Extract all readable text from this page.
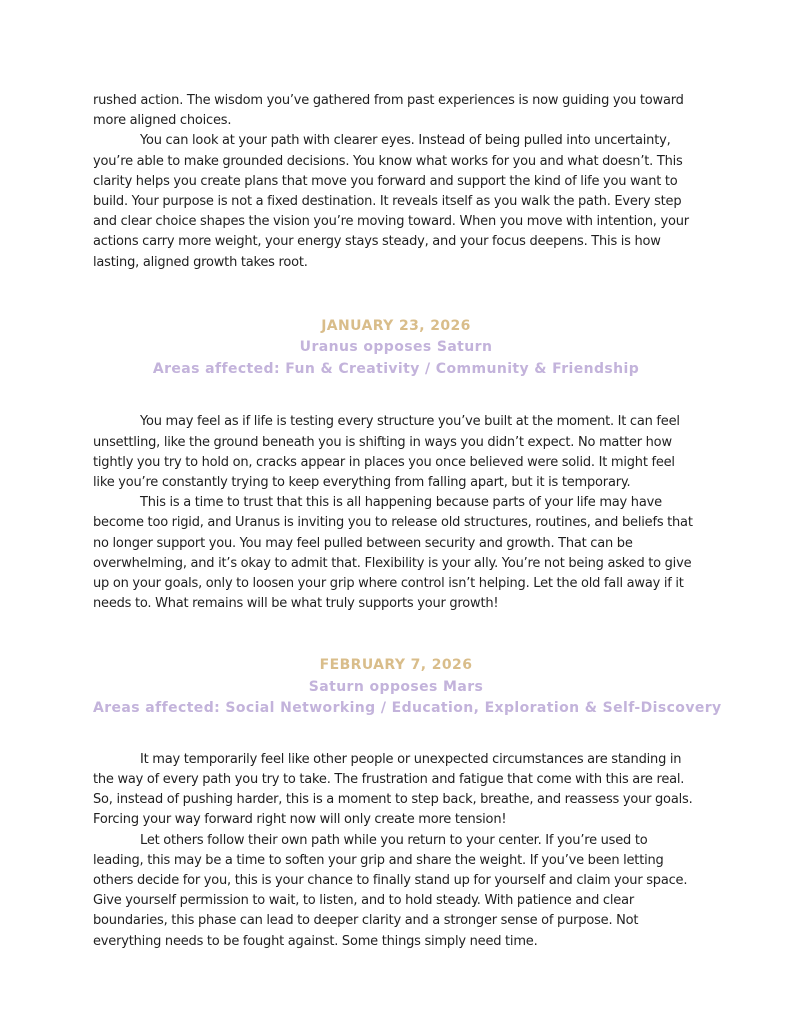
rushed action. The wisdom you’ve gathered from past experiences is now guiding you toward more aligned choices.

You can look at your path with clearer eyes. Instead of being pulled into uncertainty, you’re able to make grounded decisions. You know what works for you and what doesn’t. This clarity helps you create plans that move you forward and support the kind of life you want to build. Your purpose is not a fixed destination. It reveals itself as you walk the path. Every step and clear choice shapes the vision you’re moving toward. When you move with intention, your actions carry more weight, your energy stays steady, and your focus deepens. This is how lasting, aligned growth takes root.

JANUARY 23, 2026
Uranus opposes Saturn
Areas affected: Fun & Creativity / Community & Friendship

You may feel as if life is testing every structure you’ve built at the moment. It can feel unsettling, like the ground beneath you is shifting in ways you didn’t expect. No matter how tightly you try to hold on, cracks appear in places you once believed were solid. It might feel like you’re constantly trying to keep everything from falling apart, but it is temporary.

This is a time to trust that this is all happening because parts of your life may have become too rigid, and Uranus is inviting you to release old structures, routines, and beliefs that no longer support you. You may feel pulled between security and growth. That can be overwhelming, and it’s okay to admit that. Flexibility is your ally. You’re not being asked to give up on your goals, only to loosen your grip where control isn’t helping. Let the old fall away if it needs to. What remains will be what truly supports your growth!

FEBRUARY 7, 2026
Saturn opposes Mars
Areas affected: Social Networking / Education, Exploration & Self-Discovery

It may temporarily feel like other people or unexpected circumstances are standing in the way of every path you try to take. The frustration and fatigue that come with this are real. So, instead of pushing harder, this is a moment to step back, breathe, and reassess your goals. Forcing your way forward right now will only create more tension!

Let others follow their own path while you return to your center. If you’re used to leading, this may be a time to soften your grip and share the weight. If you’ve been letting others decide for you, this is your chance to finally stand up for yourself and claim your space. Give yourself permission to wait, to listen, and to hold steady. With patience and clear boundaries, this phase can lead to deeper clarity and a stronger sense of purpose. Not everything needs to be fought against. Some things simply need time.
